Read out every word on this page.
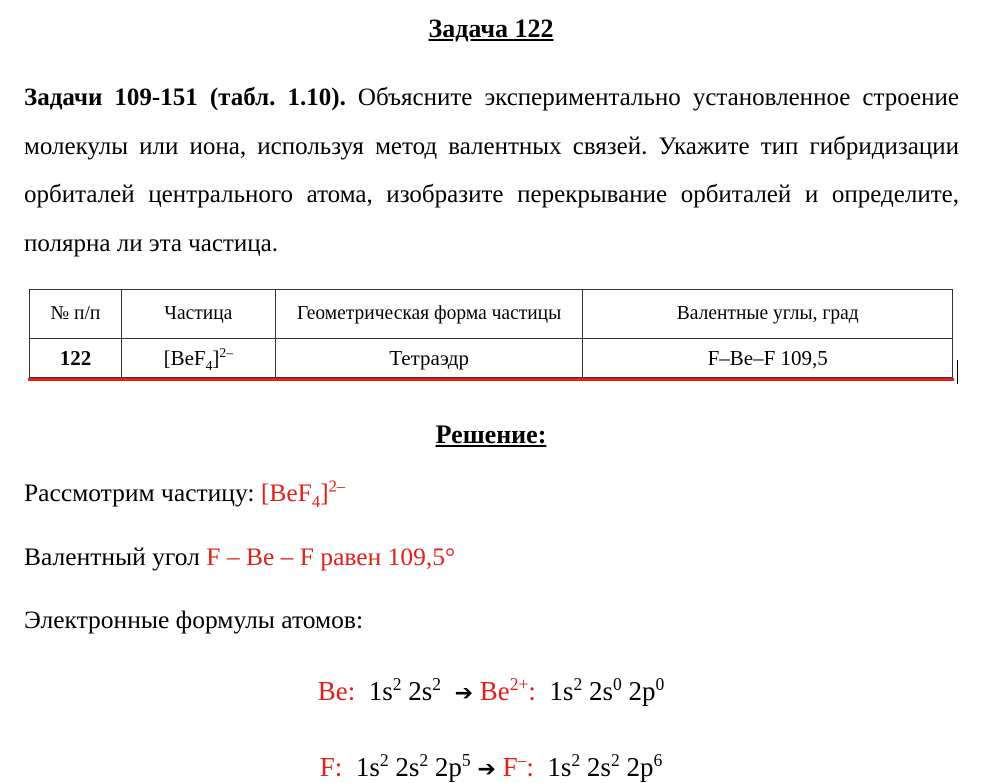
Задача 122
Задачи 109-151 (табл. 1.10). Объясните экспериментально установленное строение молекулы или иона, используя метод валентных связей. Укажите тип гибридизации орбиталей центрального атома, изобразите перекрывание орбиталей и определите, полярна ли эта частица.
№ п/п	Частица	Геометрическая форма частицы	Валентные углы, град
122	$[BeF_4]^{2-}$	Тетраэдр	F–Be–F 109,5
Решение:
Рассмотрим частицу: $[BeF_4]^{2-}$
Валентный угол F – Be – F равен 109,5°
Электронные формулы атомов:
Be: $1s^2$ $2s^2$ ➔ $Be^{2+}$: $1s^2$ $2s^0$ $2p^0$
F: $1s^2$ $2s^2$ $2p^5$ ➔ F–: $1s^2$ $2s^2$ $2p^6$
